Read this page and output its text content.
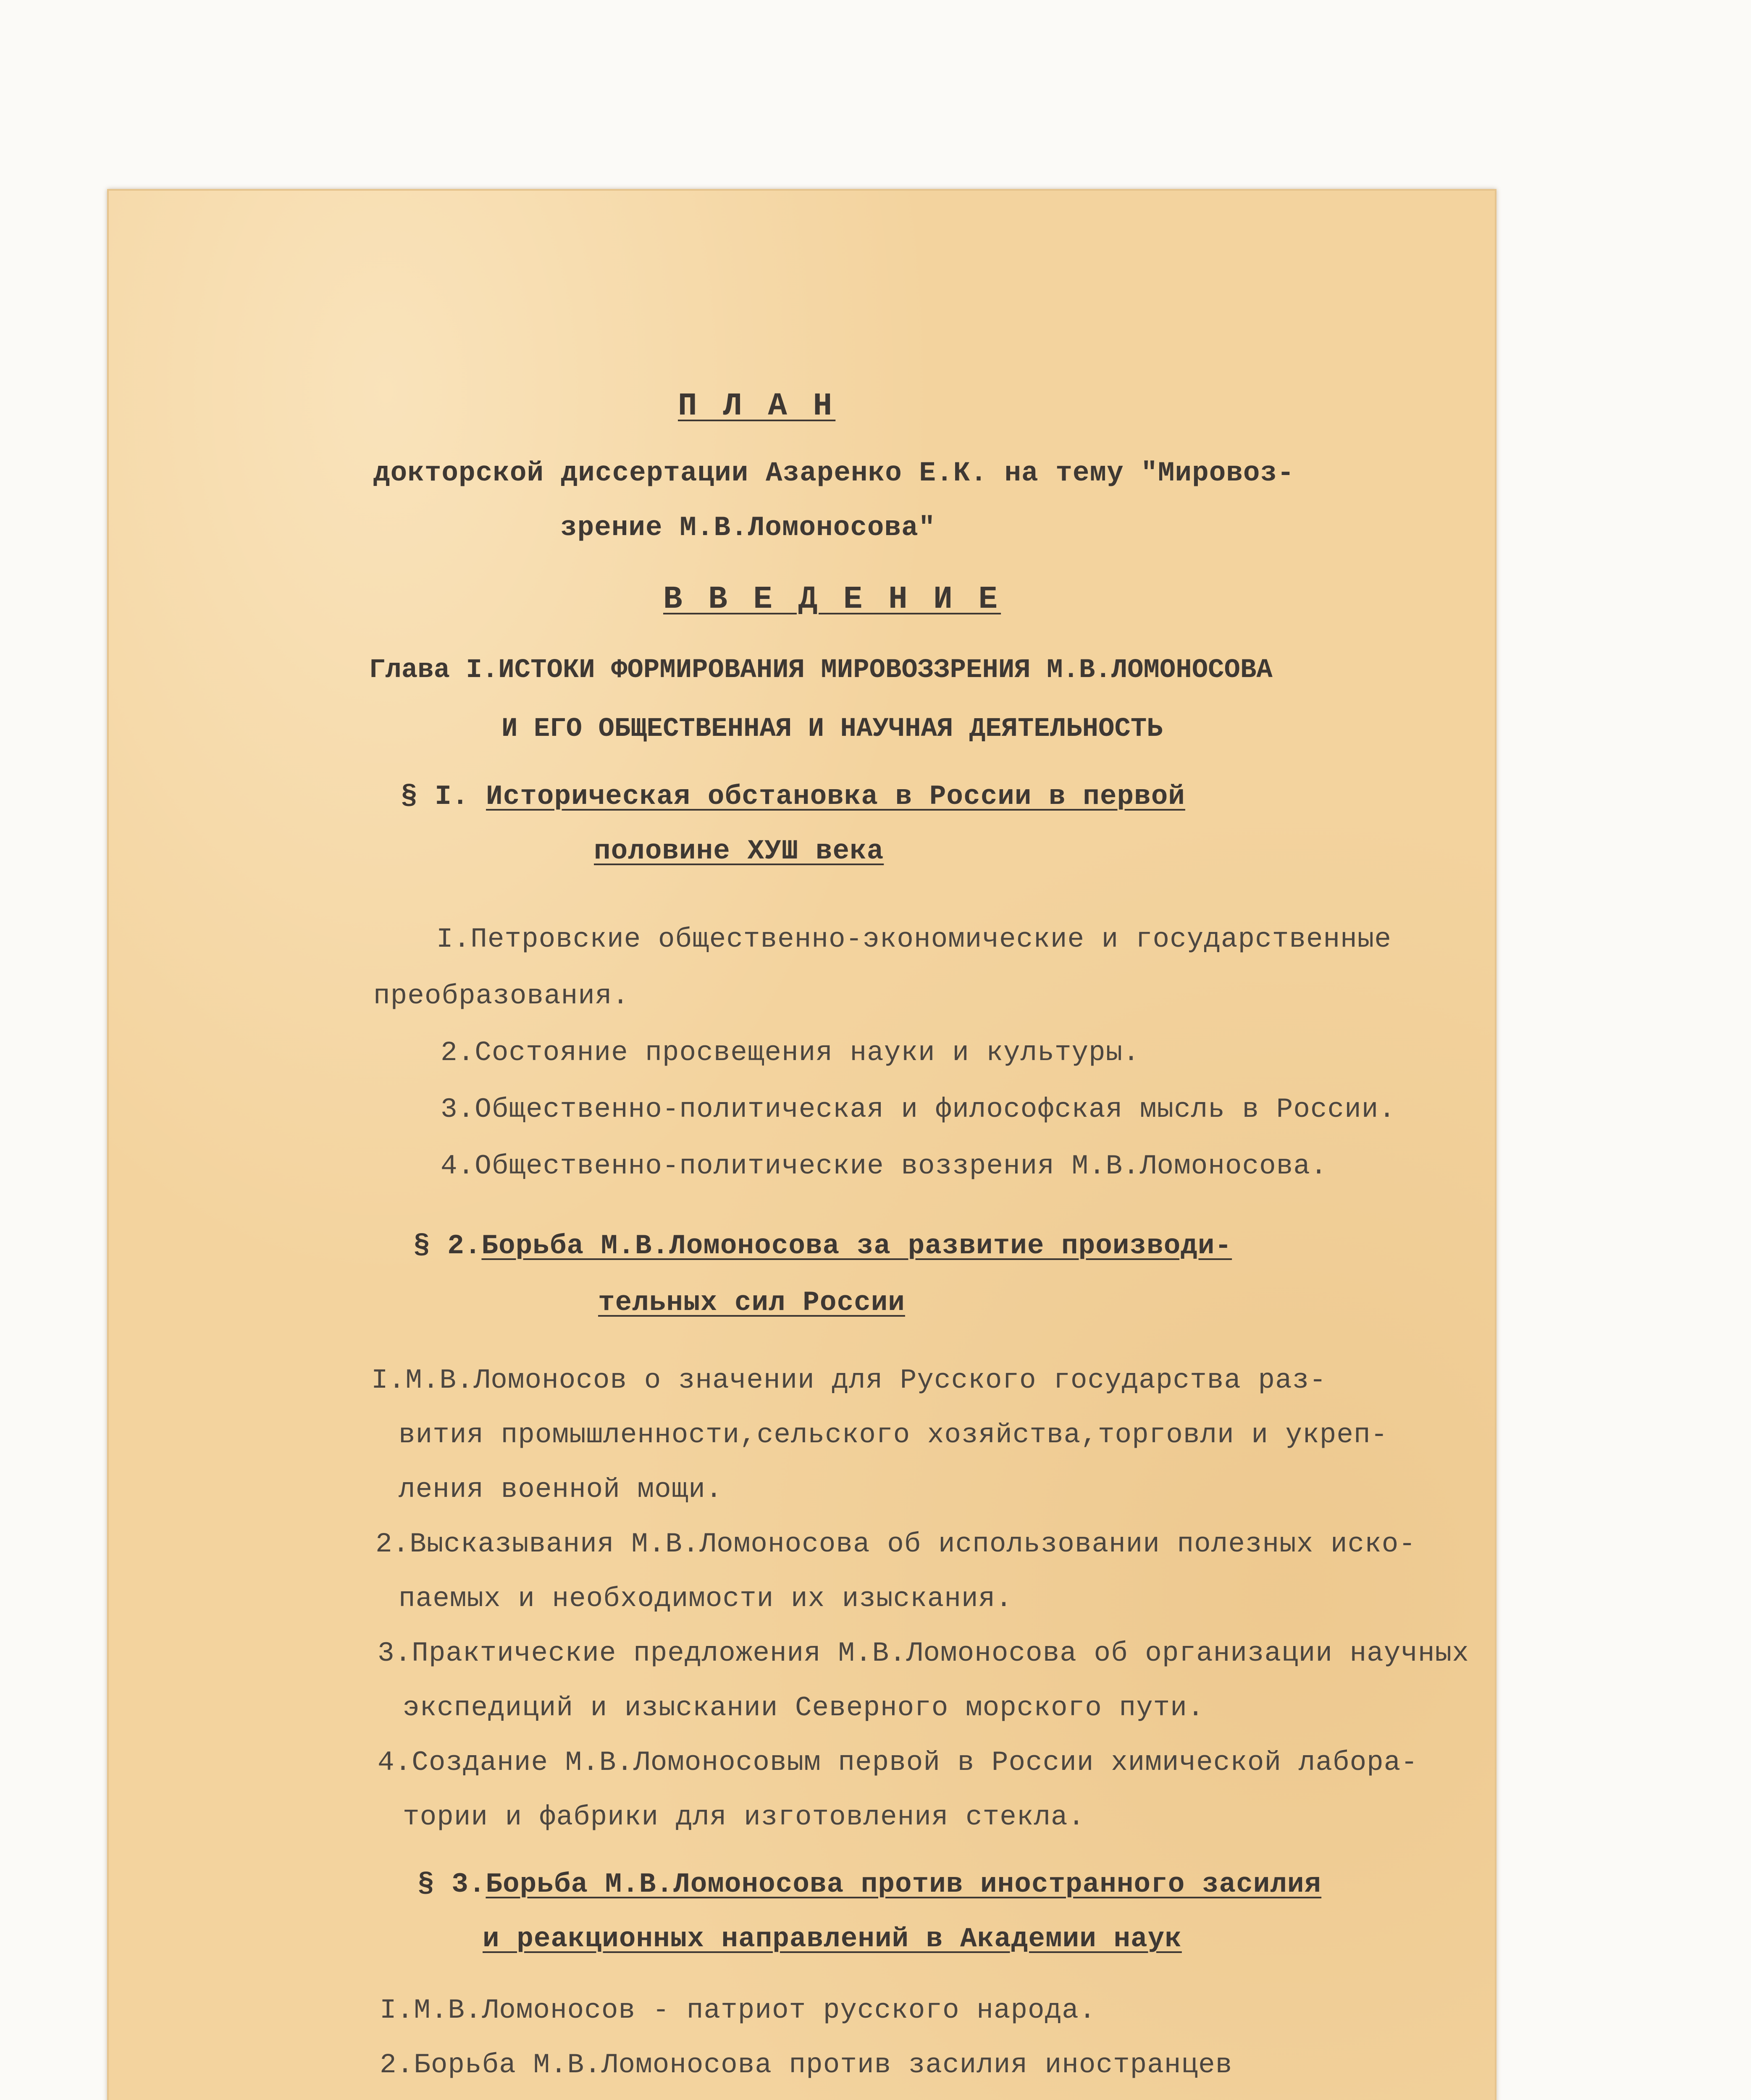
П Л А Н
докторской диссертации Азаренко Е.К. на тему "Мировоз-
зрение М.В.Ломоносова"
В В Е Д Е Н И Е
Глава I.ИСТОКИ ФОРМИРОВАНИЯ МИРОВОЗЗРЕНИЯ М.В.ЛОМОНОСОВА
И ЕГО ОБЩЕСТВЕННАЯ И НАУЧНАЯ ДЕЯТЕЛЬНОСТЬ
§ I. Историческая обстановка в России в первой
половине ХУШ века
I.Петровские общественно-экономические и государственные
преобразования.
2.Состояние просвещения науки и культуры.
3.Общественно-политическая и философская мысль в России.
4.Общественно-политические воззрения М.В.Ломоносова.
§ 2.Борьба М.В.Ломоносова за развитие производи-
тельных сил России
I.М.В.Ломоносов о значении для Русского государства раз-
вития промышленности,сельского хозяйства,торговли и укреп-
ления военной мощи.
2.Высказывания М.В.Ломоносова об использовании полезных иско-
паемых и необходимости их изыскания.
3.Практические предложения М.В.Ломоносова об организации научных
экспедиций и изыскании Северного морского пути.
4.Создание М.В.Ломоносовым первой в России химической лабора-
тории и фабрики для изготовления стекла.
§ 3.Борьба М.В.Ломоносова против иностранного засилия
и реакционных направлений в Академии наук
I.М.В.Ломоносов - патриот русского народа.
2.Борьба М.В.Ломоносова против засилия иностранцев
